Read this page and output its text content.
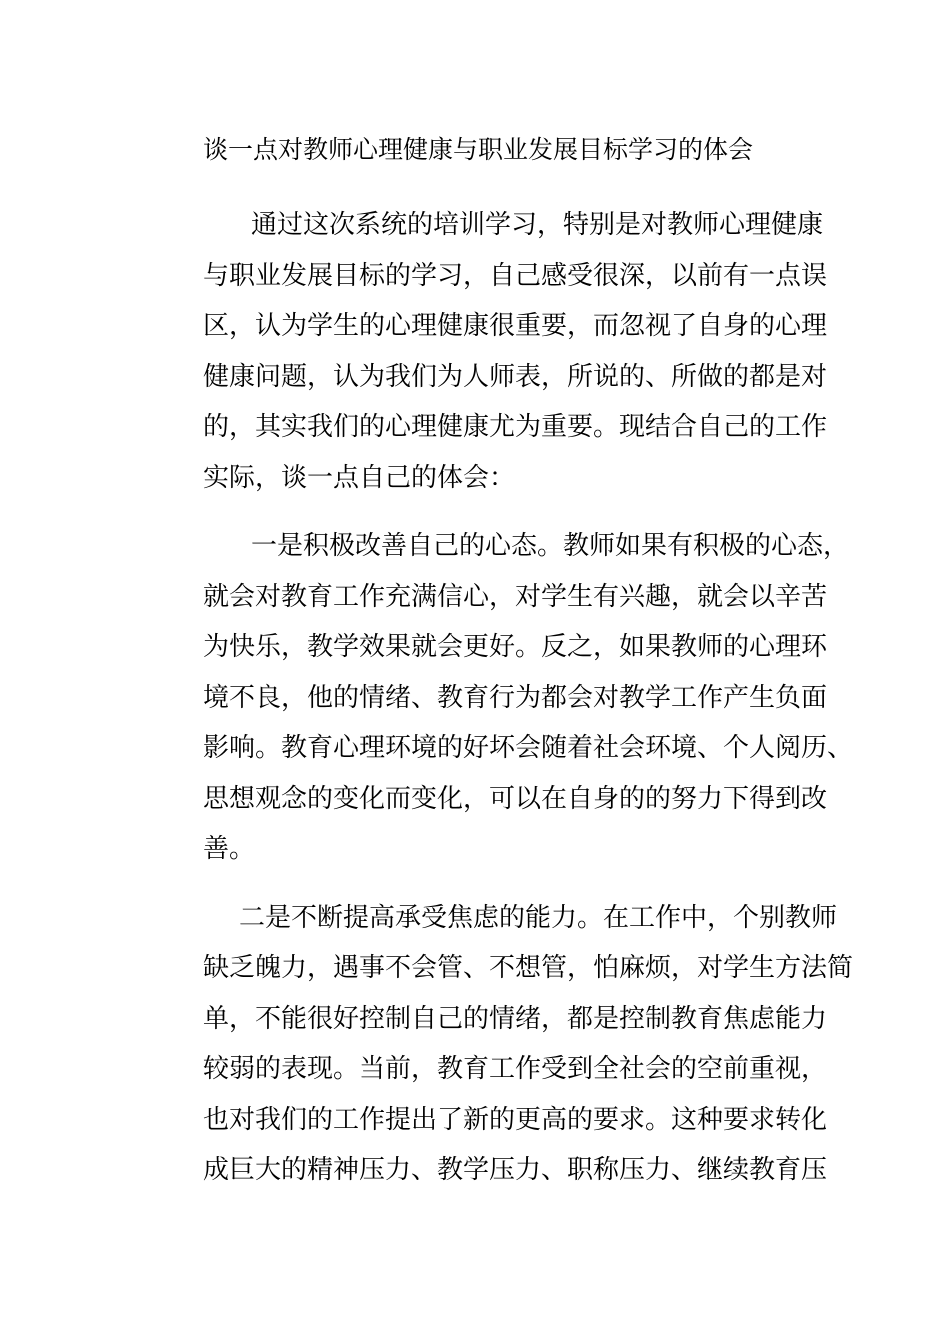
谈一点对教师心理健康与职业发展目标学习的体会

通过这次系统的培训学习，特别是对教师心理健康
与职业发展目标的学习，自己感受很深，以前有一点误
区，认为学生的心理健康很重要，而忽视了自身的心理
健康问题，认为我们为人师表，所说的、所做的都是对
的，其实我们的心理健康尤为重要。现结合自己的工作
实际，谈一点自己的体会：

一是积极改善自己的心态。教师如果有积极的心态，
就会对教育工作充满信心，对学生有兴趣，就会以辛苦
为快乐，教学效果就会更好。反之，如果教师的心理环
境不良，他的情绪、教育行为都会对教学工作产生负面
影响。教育心理环境的好坏会随着社会环境、个人阅历、
思想观念的变化而变化，可以在自身的的努力下得到改
善。

二是不断提高承受焦虑的能力。在工作中，个别教师
缺乏魄力，遇事不会管、不想管，怕麻烦，对学生方法简
单，不能很好控制自己的情绪，都是控制教育焦虑能力
较弱的表现。当前，教育工作受到全社会的空前重视，
也对我们的工作提出了新的更高的要求。这种要求转化
成巨大的精神压力、教学压力、职称压力、继续教育压
